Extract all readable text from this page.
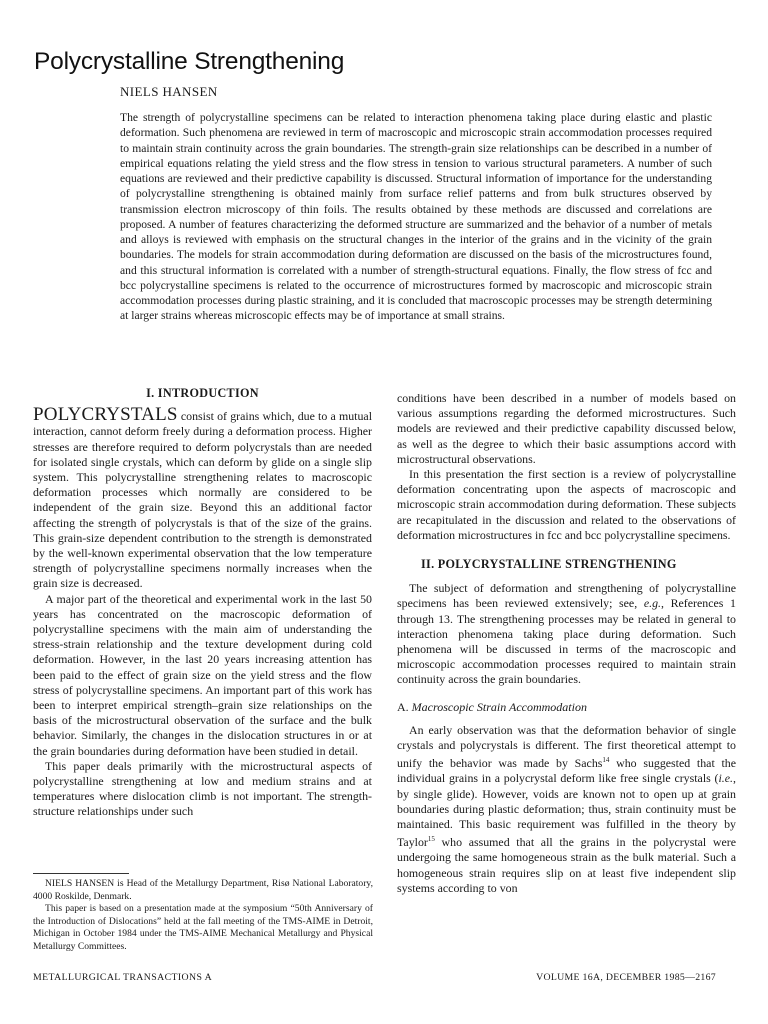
Polycrystalline Strengthening
NIELS HANSEN
The strength of polycrystalline specimens can be related to interaction phenomena taking place during elastic and plastic deformation. Such phenomena are reviewed in term of macroscopic and microscopic strain accommodation processes required to maintain strain continuity across the grain boundaries. The strength-grain size relationships can be described in a number of empirical equations relating the yield stress and the flow stress in tension to various structural parameters. A number of such equations are reviewed and their predictive capability is discussed. Structural information of importance for the understanding of polycrystalline strengthening is obtained mainly from surface relief patterns and from bulk structures observed by transmission electron microscopy of thin foils. The results obtained by these methods are discussed and correlations are proposed. A number of features characterizing the deformed structure are summarized and the behavior of a number of metals and alloys is reviewed with emphasis on the structural changes in the interior of the grains and in the vicinity of the grain boundaries. The models for strain accommodation during deformation are discussed on the basis of the microstructures found, and this structural information is correlated with a number of strength-structural equations. Finally, the flow stress of fcc and bcc polycrystalline specimens is related to the occurrence of microstructures formed by macroscopic and microscopic strain accommodation processes during plastic straining, and it is concluded that macroscopic processes may be strength determining at larger strains whereas microscopic effects may be of importance at small strains.
I. INTRODUCTION

POLYCRYSTALS consist of grains which, due to a mutual interaction, cannot deform freely during a deformation process. Higher stresses are therefore required to deform polycrystals than are needed for isolated single crystals, which can deform by glide on a single slip system. This polycrystalline strengthening relates to macroscopic deformation processes which normally are considered to be independent of the grain size. Beyond this an additional factor affecting the strength of polycrystals is that of the size of the grains. This grain-size dependent contribution to the strength is demonstrated by the well-known experimental observation that the low temperature strength of polycrystalline specimens normally increases when the grain size is decreased.

A major part of the theoretical and experimental work in the last 50 years has concentrated on the macroscopic deformation of polycrystalline specimens with the main aim of understanding the stress-strain relationship and the texture development during cold deformation. However, in the last 20 years increasing attention has been paid to the effect of grain size on the yield stress and the flow stress of polycrystalline specimens. An important part of this work has been to interpret empirical strength–grain size relationships on the basis of the microstructural observation of the surface and the bulk behavior. Similarly, the changes in the dislocation structures in or at the grain boundaries during deformation have been studied in detail.

This paper deals primarily with the microstructural aspects of polycrystalline strengthening at low and medium strains and at temperatures where dislocation climb is not important. The strength-structure relationships under such

conditions have been described in a number of models based on various assumptions regarding the deformed microstructures. Such models are reviewed and their predictive capability discussed below, as well as the degree to which their basic assumptions accord with microstructural observations.

In this presentation the first section is a review of polycrystalline deformation concentrating upon the aspects of macroscopic and microscopic strain accommodation during deformation. These subjects are recapitulated in the discussion and related to the observations of deformation microstructures in fcc and bcc polycrystalline specimens.

II. POLYCRYSTALLINE STRENGTHENING

The subject of deformation and strengthening of polycrystalline specimens has been reviewed extensively; see, e.g., References 1 through 13. The strengthening processes may be related in general to interaction phenomena taking place during deformation. Such phenomena will be discussed in terms of the macroscopic and microscopic accommodation processes required to maintain strain continuity across the grain boundaries.

A. Macroscopic Strain Accommodation

An early observation was that the deformation behavior of single crystals and polycrystals is different. The first theoretical attempt to unify the behavior was made by Sachs$^{14}$ who suggested that the individual grains in a polycrystal deform like free single crystals (i.e., by single glide). However, voids are known not to open up at grain boundaries during plastic deformation; thus, strain continuity must be maintained. This basic requirement was fulfilled in the theory by Taylor$^{15}$ who assumed that all the grains in the polycrystal were undergoing the same homogeneous strain as the bulk material. Such a homogeneous strain requires slip on at least five independent slip systems according to von

NIELS HANSEN is Head of the Metallurgy Department, Risø National Laboratory, 4000 Roskilde, Denmark.

This paper is based on a presentation made at the symposium “50th Anniversary of the Introduction of Dislocations” held at the fall meeting of the TMS-AIME in Detroit, Michigan in October 1984 under the TMS-AIME Mechanical Metallurgy and Physical Metallurgy Committees.

METALLURGICAL TRANSACTIONS A	VOLUME 16A, DECEMBER 1985—2167
